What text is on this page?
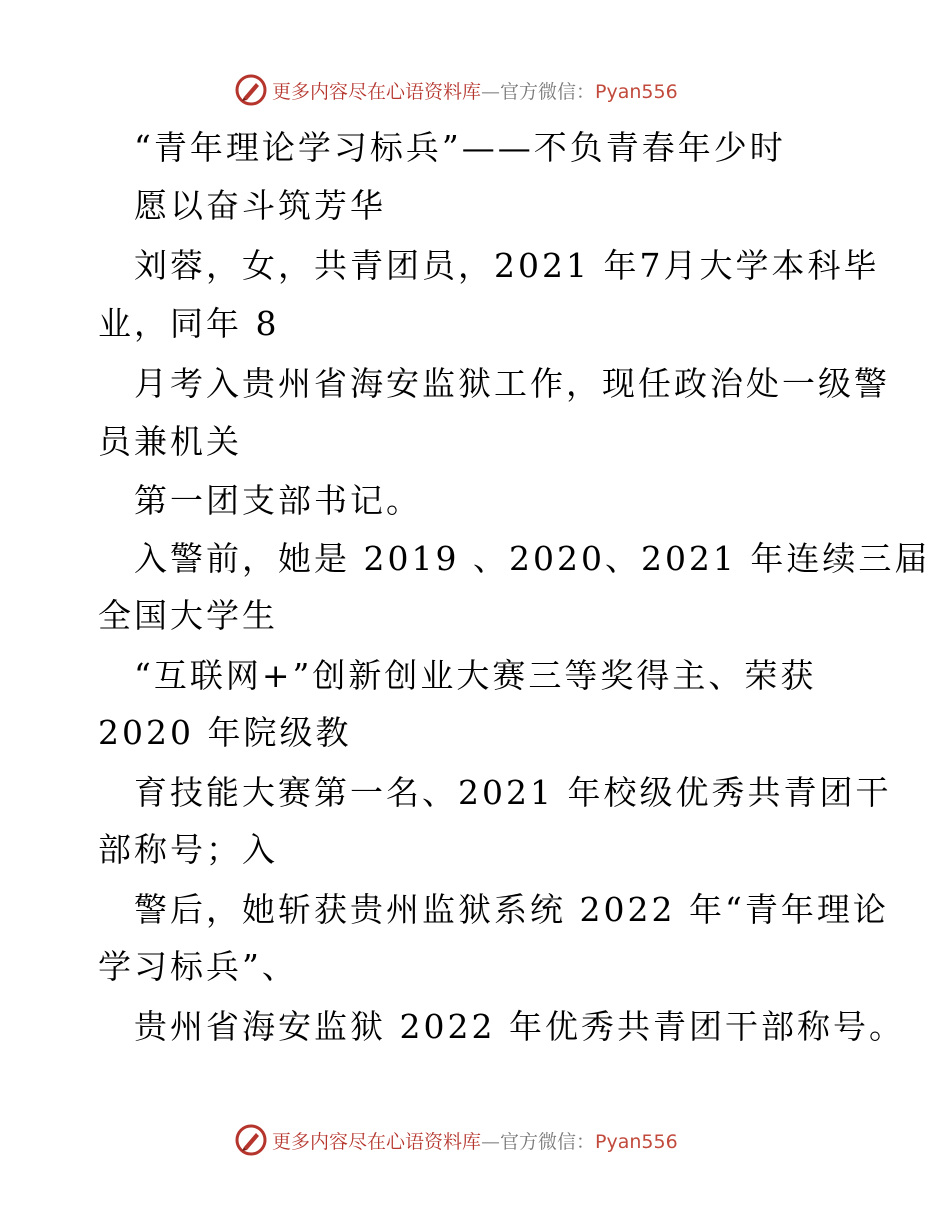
更多内容尽在心语资料库—官方微信：Pyan556
“青年理论学习标兵”——不负青春年少时
愿以奋斗筑芳华
刘蓉，女，共青团员，2021 年7月大学本科毕
业，同年 8
月考入贵州省海安监狱工作，现任政治处一级警
员兼机关
第一团支部书记。
入警前，她是 2019 、2020、2021 年连续三届
全国大学生
“互联网+”创新创业大赛三等奖得主、荣获
2020 年院级教
育技能大赛第一名、2021 年校级优秀共青团干
部称号；入
警后，她斩获贵州监狱系统 2022 年“青年理论
学习标兵”、
贵州省海安监狱 2022 年优秀共青团干部称号。
更多内容尽在心语资料库—官方微信：Pyan556
